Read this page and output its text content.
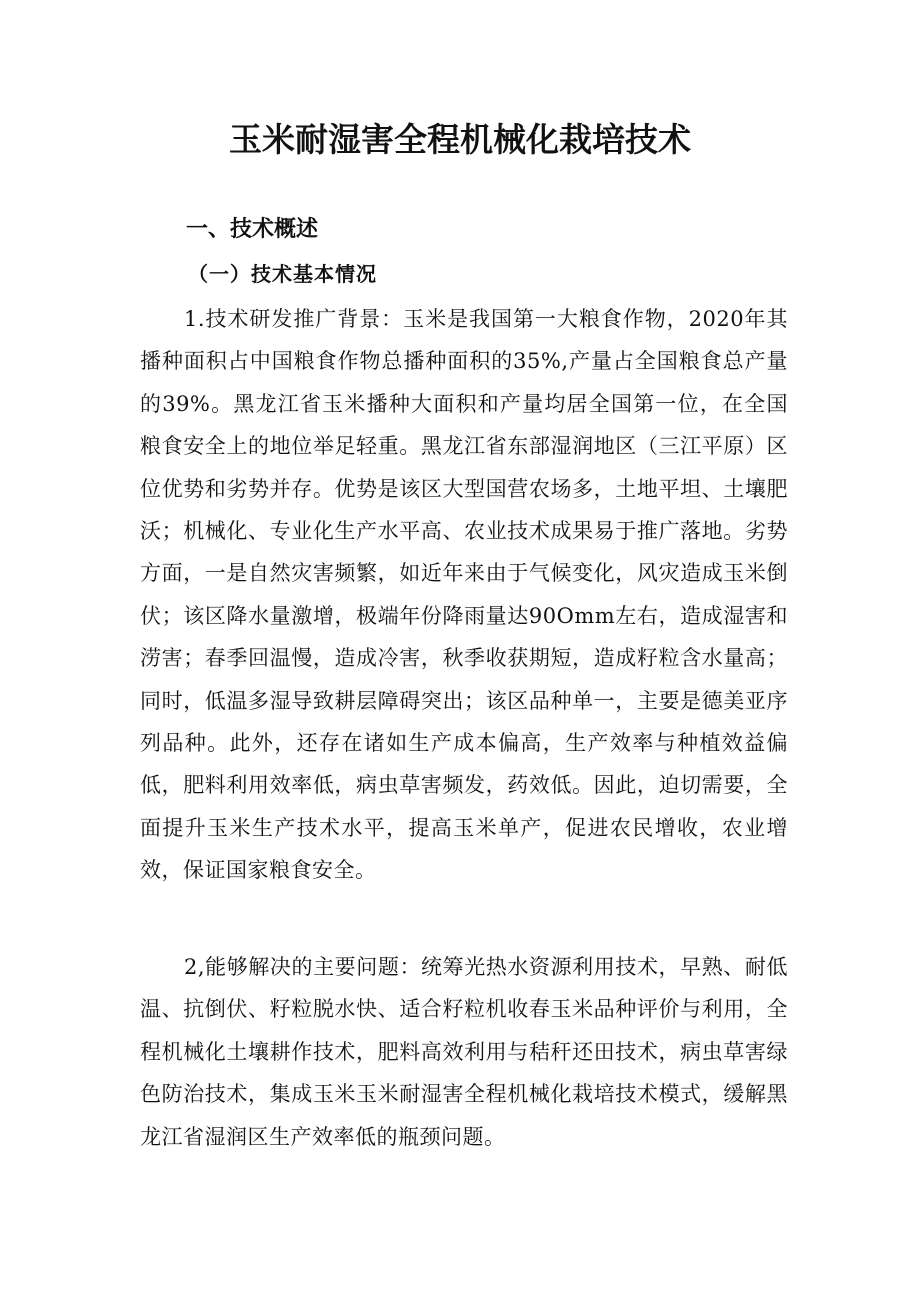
玉米耐湿害全程机械化栽培技术
一、技术概述
（一）技术基本情况

1.技术研发推广背景：玉米是我国第一大粮食作物，2020年其播种面积占中国粮食作物总播种面积的35%,产量占全国粮食总产量的39%。黑龙江省玉米播种大面积和产量均居全国第一位，在全国粮食安全上的地位举足轻重。黑龙江省东部湿润地区（三江平原）区位优势和劣势并存。优势是该区大型国营农场多，土地平坦、土壤肥沃；机械化、专业化生产水平高、农业技术成果易于推广落地。劣势方面，一是自然灾害频繁，如近年来由于气候变化，风灾造成玉米倒伏；该区降水量激增，极端年份降雨量达90Omm左右，造成湿害和涝害；春季回温慢，造成冷害，秋季收获期短，造成籽粒含水量高；同时，低温多湿导致耕层障碍突出；该区品种单一，主要是德美亚序列品种。此外，还存在诸如生产成本偏高，生产效率与种植效益偏低，肥料利用效率低，病虫草害频发，药效低。因此，迫切需要，全面提升玉米生产技术水平，提高玉米单产，促进农民增收，农业增效，保证国家粮食安全。

2,能够解决的主要问题：统筹光热水资源利用技术，早熟、耐低温、抗倒伏、籽粒脱水快、适合籽粒机收春玉米品种评价与利用，全程机械化土壤耕作技术，肥料高效利用与秸秆还田技术，病虫草害绿色防治技术，集成玉米玉米耐湿害全程机械化栽培技术模式，缓解黑龙江省湿润区生产效率低的瓶颈问题。
